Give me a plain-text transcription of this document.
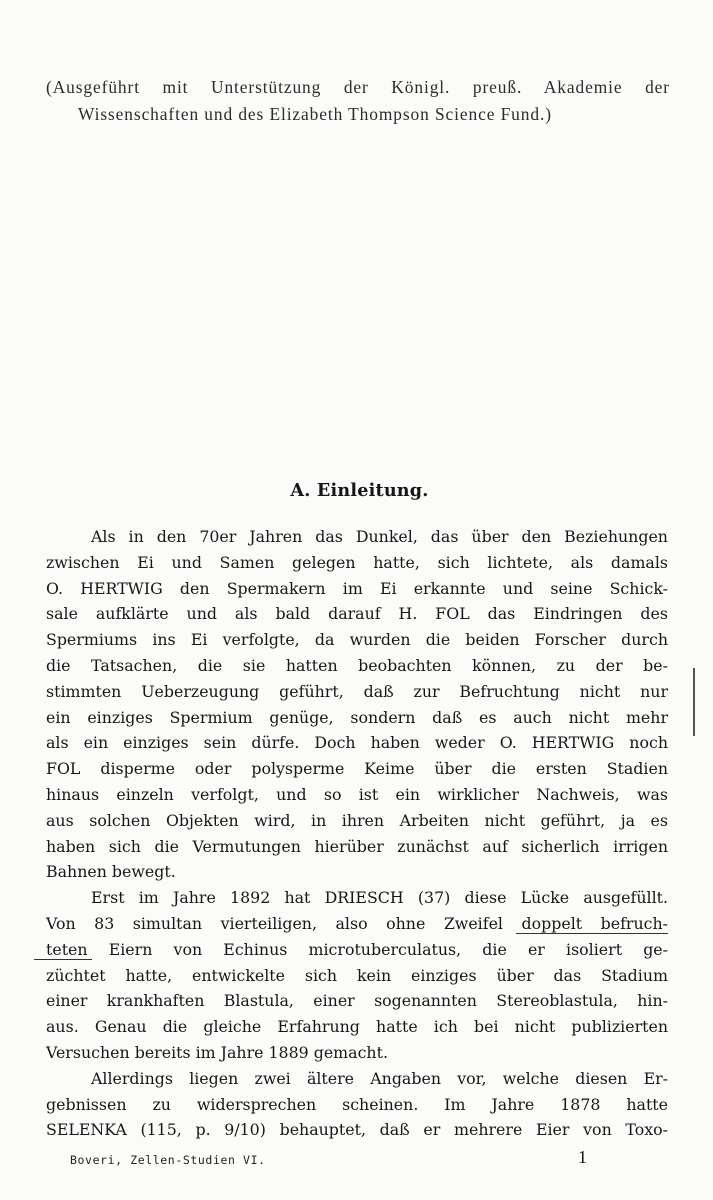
(Ausgeführt mit Unterstützung der Königl. preuß. Akademie der
Wissenschaften und des Elizabeth Thompson Science Fund.)
A. Einleitung.
Als in den 70er Jahren das Dunkel, das über den Beziehungen
zwischen Ei und Samen gelegen hatte, sich lichtete, als damals
O. HERTWIG den Spermakern im Ei erkannte und seine Schick-
sale aufklärte und als bald darauf H. FOL das Eindringen des
Spermiums ins Ei verfolgte, da wurden die beiden Forscher durch
die Tatsachen, die sie hatten beobachten können, zu der be-
stimmten Ueberzeugung geführt, daß zur Befruchtung nicht nur
ein einziges Spermium genüge, sondern daß es auch nicht mehr
als ein einziges sein dürfe. Doch haben weder O. HERTWIG noch
FOL disperme oder polysperme Keime über die ersten Stadien
hinaus einzeln verfolgt, und so ist ein wirklicher Nachweis, was
aus solchen Objekten wird, in ihren Arbeiten nicht geführt, ja es
haben sich die Vermutungen hierüber zunächst auf sicherlich irrigen
Bahnen bewegt.
Erst im Jahre 1892 hat DRIESCH (37) diese Lücke ausgefüllt.
Von 83 simultan vierteiligen, also ohne Zweifel doppelt befruch-
teten Eiern von Echinus microtuberculatus, die er isoliert ge-
züchtet hatte, entwickelte sich kein einziges über das Stadium
einer krankhaften Blastula, einer sogenannten Stereoblastula, hin-
aus. Genau die gleiche Erfahrung hatte ich bei nicht publizierten
Versuchen bereits im Jahre 1889 gemacht.
Allerdings liegen zwei ältere Angaben vor, welche diesen Er-
gebnissen zu widersprechen scheinen. Im Jahre 1878 hatte
SELENKA (115, p. 9/10) behauptet, daß er mehrere Eier von Toxo-
Boveri, Zellen-Studien VI.	1
